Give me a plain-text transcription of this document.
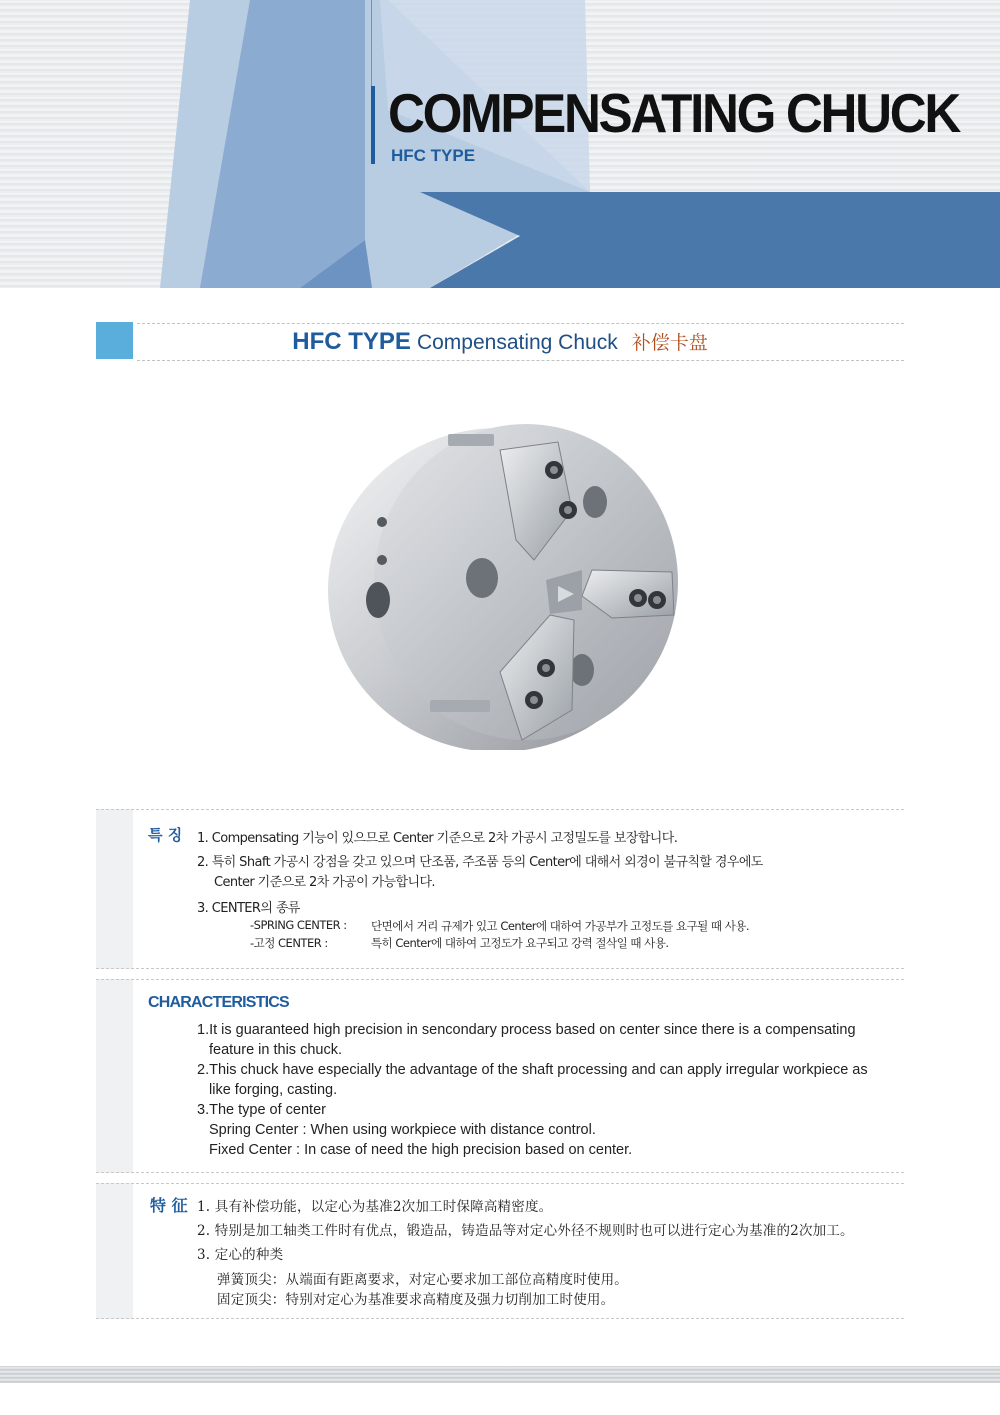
COMPENSATING CHUCK
HFC TYPE
HFC TYPE Compensating Chuck 补偿卡盘
특 징 1. Compensating 기능이 있으므로 Center 기준으로 2차 가공시 고정밀도를 보장합니다.
2. 특히 Shaft 가공시 강점을 갖고 있으며 단조품, 주조품 등의 Center에 대해서 외경이 불규칙할 경우에도
Center 기준으로 2차 가공이 가능합니다.
3. CENTER의 종류
-SPRING CENTER : 단면에서 거리 규제가 있고 Center에 대하여 가공부가 고정도를 요구될 때 사용.
-고정 CENTER :	특히 Center에 대하여 고정도가 요구되고 강력 절삭일 때 사용.
CHARACTERISTICS
1.It is guaranteed high precision in sencondary process based on center since there is a compensating
feature in this chuck.
2.This chuck have especially the advantage of the shaft processing and can apply irregular workpiece as
like forging, casting.
3.The type of center
Spring Center : When using workpiece with distance control.
Fixed Center : In case of need the high precision based on center.
特 征 1. 具有补偿功能，以定心为基准2次加工时保障高精密度。
2. 特别是加工轴类工件时有优点，锻造品，铸造品等对定心外径不规则时也可以进行定心为基准的2次加工。
3. 定心的种类
弹簧顶尖：从端面有距离要求，对定心要求加工部位高精度时使用。
固定顶尖：特别对定心为基准要求高精度及强力切削加工时使用。
